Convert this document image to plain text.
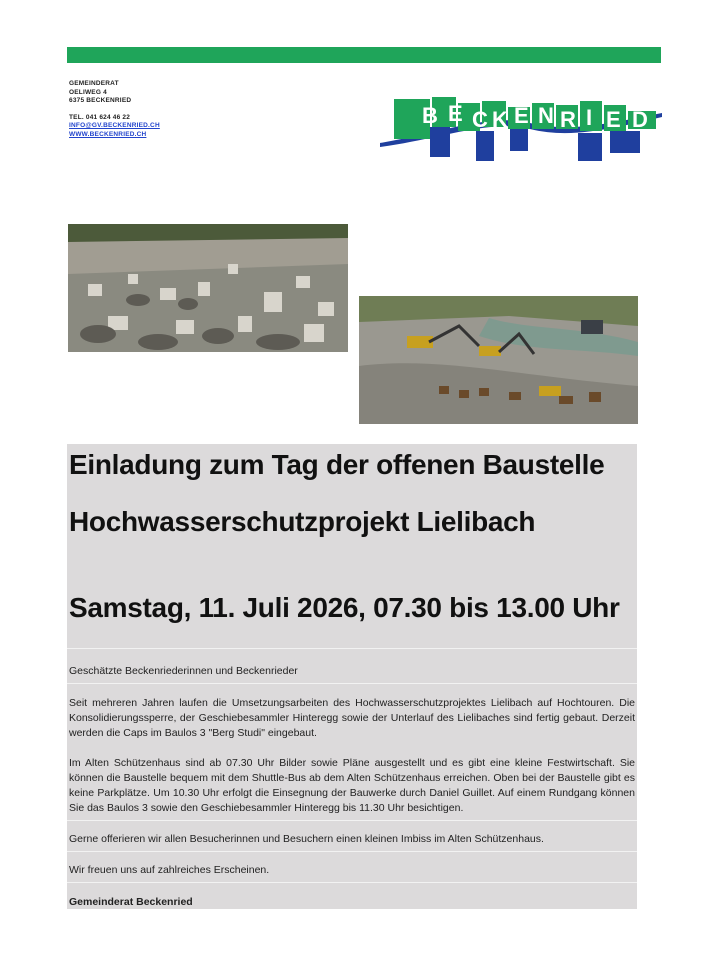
GEMEINDERAT
OELIWEG 4
6375 BECKENRIED
TEL. 041 624 46 22
INFO@GV.BECKENRIED.CH
WWW.BECKENRIED.CH
B E C K E N R I E D
Einladung zum Tag der offenen Baustelle
Hochwasserschutzprojekt Lielibach
Samstag, 11. Juli 2026, 07.30 bis 13.00 Uhr
Geschätzte Beckenriederinnen und Beckenrieder
Seit mehreren Jahren laufen die Umsetzungsarbeiten des Hochwasserschutzprojektes Lielibach auf Hochtouren. Die Konsolidierungssperre, der Geschiebesammler Hinteregg sowie der Unterlauf des Lielibaches sind fertig gebaut. Derzeit werden die Caps im Baulos 3 "Berg Studi" eingebaut.
Im Alten Schützenhaus sind ab 07.30 Uhr Bilder sowie Pläne ausgestellt und es gibt eine kleine Festwirtschaft. Sie können die Baustelle bequem mit dem Shuttle-Bus ab dem Alten Schützenhaus erreichen. Oben bei der Baustelle gibt es keine Parkplätze. Um 10.30 Uhr erfolgt die Einsegnung der Bauwerke durch Daniel Guillet. Auf einem Rundgang können Sie das Baulos 3 sowie den Geschiebesammler Hinteregg bis 11.30 Uhr besichtigen.
Gerne offerieren wir allen Besucherinnen und Besuchern einen kleinen Imbiss im Alten Schützenhaus.
Wir freuen uns auf zahlreiches Erscheinen.
Gemeinderat Beckenried
